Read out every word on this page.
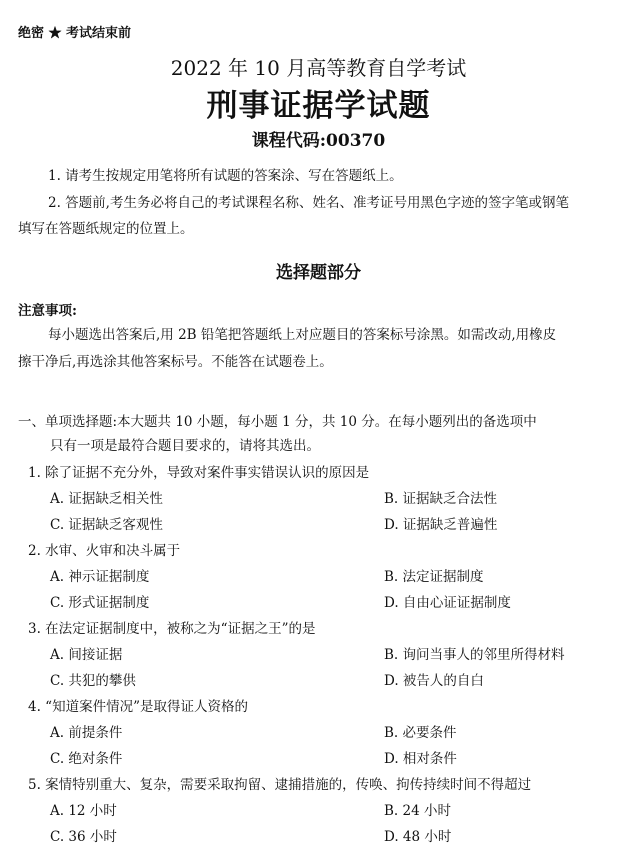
绝密 ★ 考试结束前
2022 年 10 月高等教育自学考试
刑事证据学试题
课程代码:00370
1. 请考生按规定用笔将所有试题的答案涂、写在答题纸上。
2. 答题前,考生务必将自己的考试课程名称、姓名、准考证号用黑色字迹的签字笔或钢笔
填写在答题纸规定的位置上。
选择题部分
注意事项:
每小题选出答案后,用 2B 铅笔把答题纸上对应题目的答案标号涂黑。如需改动,用橡皮
擦干净后,再选涂其他答案标号。不能答在试题卷上。
一、单项选择题:本大题共 10 小题，每小题 1 分，共 10 分。在每小题列出的备选项中
只有一项是最符合题目要求的，请将其选出。
1. 除了证据不充分外，导致对案件事实错误认识的原因是
A. 证据缺乏相关性	B. 证据缺乏合法性
C. 证据缺乏客观性	D. 证据缺乏普遍性
2. 水审、火审和决斗属于
A. 神示证据制度	B. 法定证据制度
C. 形式证据制度	D. 自由心证证据制度
3. 在法定证据制度中，被称之为“证据之王”的是
A. 间接证据	B. 询问当事人的邻里所得材料
C. 共犯的攀供	D. 被告人的自白
4. “知道案件情况”是取得证人资格的
A. 前提条件	B. 必要条件
C. 绝对条件	D. 相对条件
5. 案情特别重大、复杂，需要采取拘留、逮捕措施的，传唤、拘传持续时间不得超过
A. 12 小时	B. 24 小时
C. 36 小时	D. 48 小时
